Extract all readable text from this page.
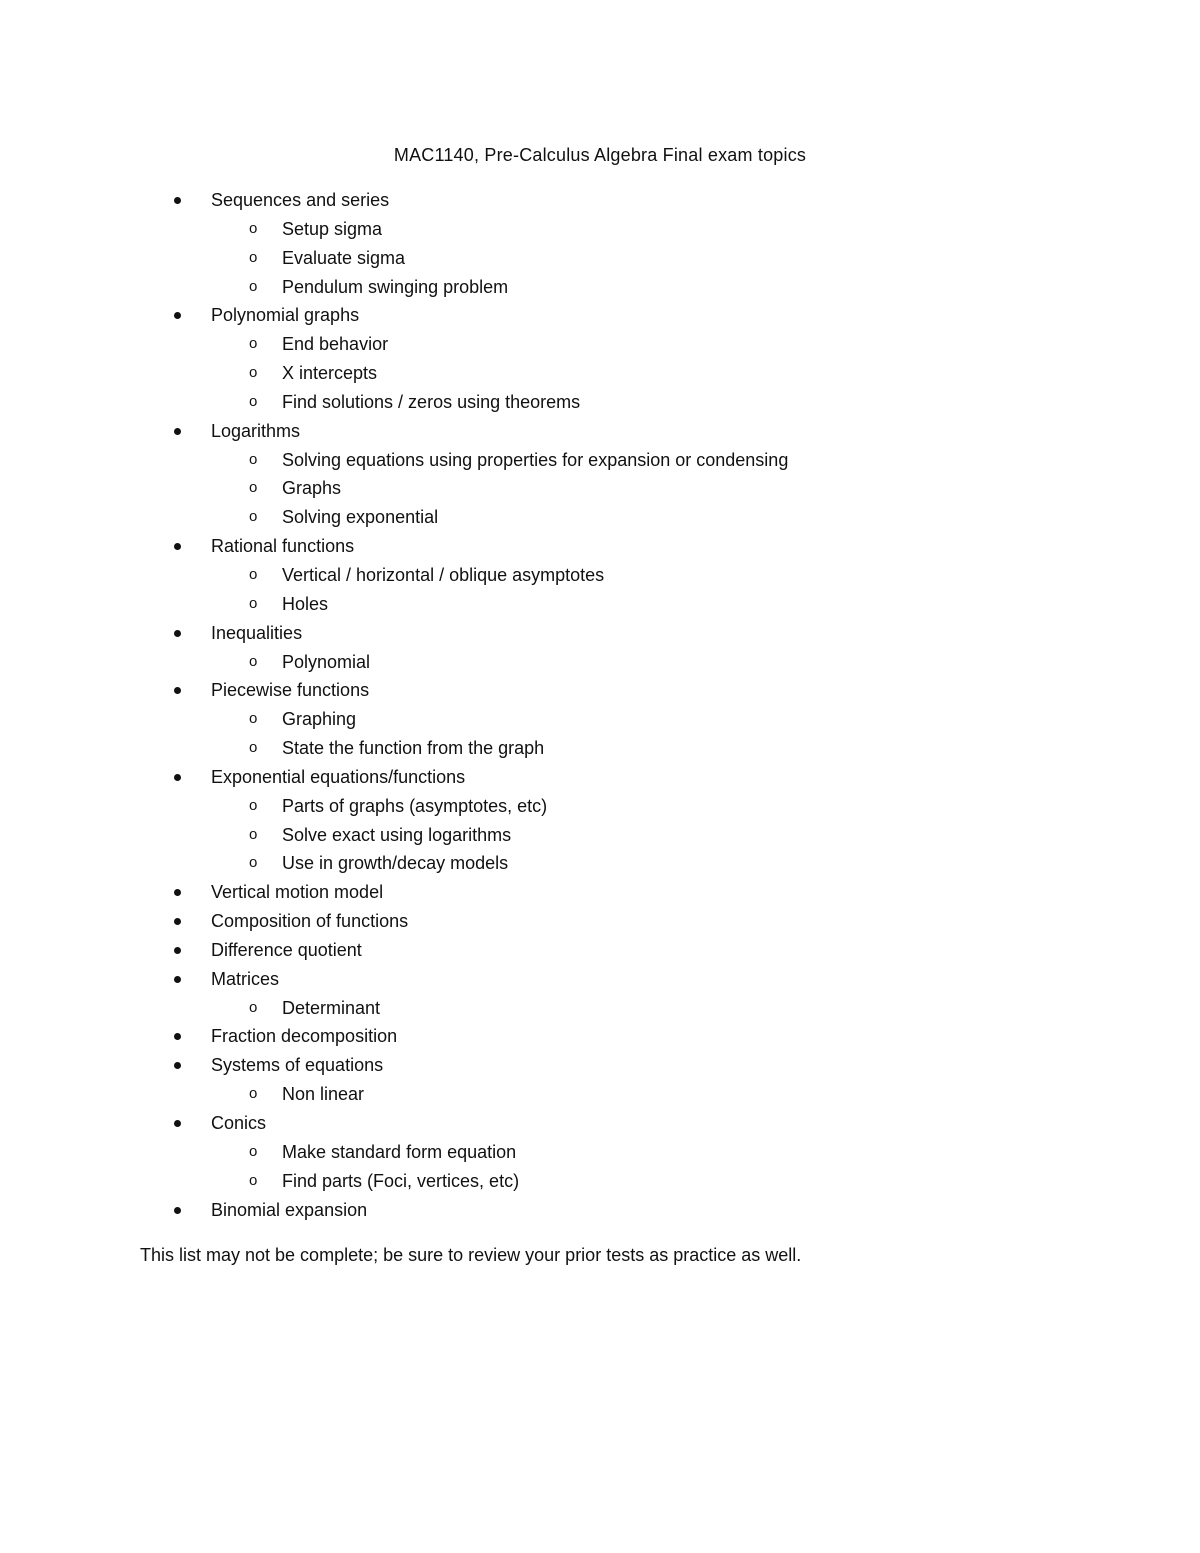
MAC1140, Pre-Calculus Algebra Final exam topics
Sequences and series
o Setup sigma
o Evaluate sigma
o Pendulum swinging problem
Polynomial graphs
o End behavior
o X intercepts
o Find solutions / zeros using theorems
Logarithms
o Solving equations using properties for expansion or condensing
o Graphs
o Solving exponential
Rational functions
o Vertical / horizontal / oblique asymptotes
o Holes
Inequalities
o Polynomial
Piecewise functions
o Graphing
o State the function from the graph
Exponential equations/functions
o Parts of graphs (asymptotes, etc)
o Solve exact using logarithms
o Use in growth/decay models
Vertical motion model
Composition of functions
Difference quotient
Matrices
o Determinant
Fraction decomposition
Systems of equations
o Non linear
Conics
o Make standard form equation
o Find parts (Foci, vertices, etc)
Binomial expansion
This list may not be complete; be sure to review your prior tests as practice as well.
